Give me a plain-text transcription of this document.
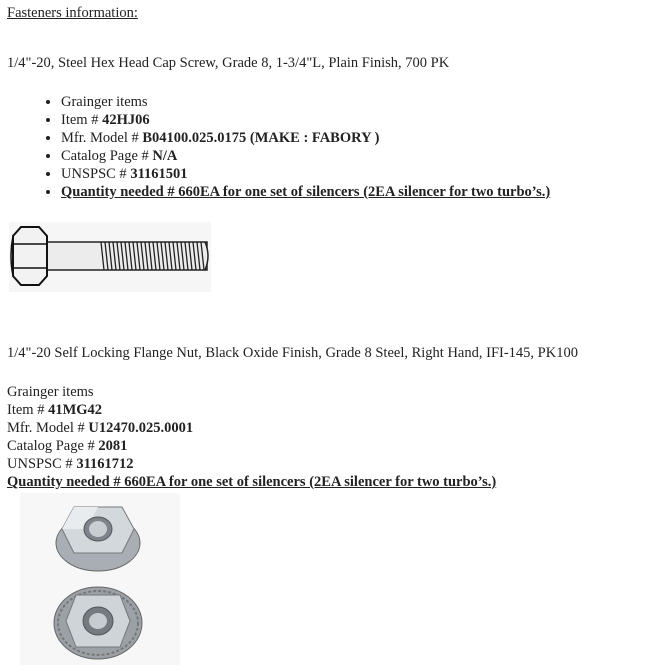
Fasteners information:
1/4"-20, Steel Hex Head Cap Screw, Grade 8, 1-3/4"L, Plain Finish, 700 PK
• Grainger items
• Item # 42HJ06
• Mfr. Model # B04100.025.0175 (MAKE : FABORY )
• Catalog Page # N/A
• UNSPSC # 31161501
• Quantity needed # 660EA for one set of silencers (2EA silencer for two turbo’s.)
1/4"-20 Self Locking Flange Nut, Black Oxide Finish, Grade 8 Steel, Right Hand, IFI-145, PK100
Grainger items
Item # 41MG42
Mfr. Model # U12470.025.0001
Catalog Page # 2081
UNSPSC # 31161712
Quantity needed # 660EA for one set of silencers (2EA silencer for two turbo’s.)
